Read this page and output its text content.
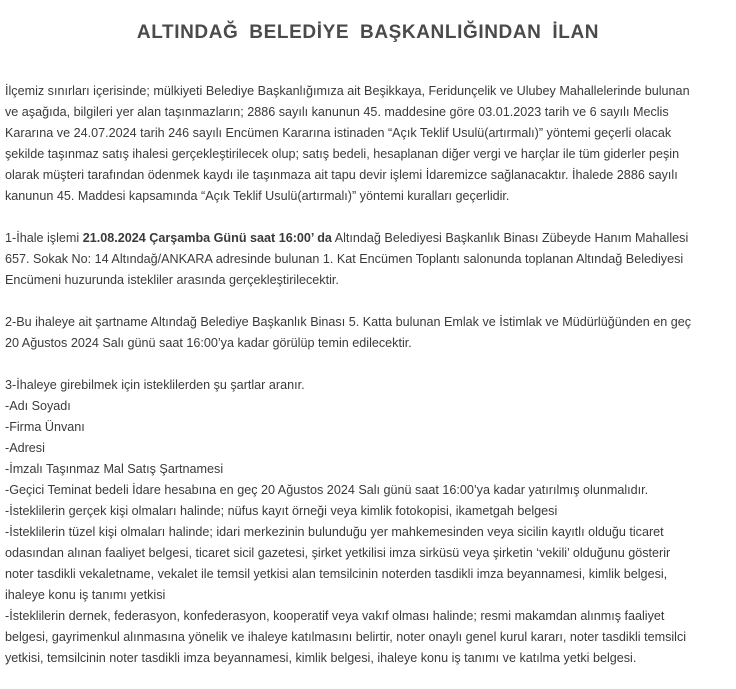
ALTINDAĞ BELEDİYE BAŞKANLIĞINDAN İLAN

İlçemiz sınırları içerisinde; mülkiyeti Belediye Başkanlığımıza ait Beşikkaya, Feridunçelik ve Ulubey Mahallelerinde bulunan
ve aşağıda, bilgileri yer alan taşınmazların; 2886 sayılı kanunun 45. maddesine göre 03.01.2023 tarih ve 6 sayılı Meclis
Kararına ve 24.07.2024 tarih 246 sayılı Encümen Kararına istinaden “Açık Teklif Usulü(artırmalı)” yöntemi geçerli olacak
şekilde taşınmaz satış ihalesi gerçekleştirilecek olup; satış bedeli, hesaplanan diğer vergi ve harçlar ile tüm giderler peşin
olarak müşteri tarafından ödenmek kaydı ile taşınmaza ait tapu devir işlemi İdaremizce sağlanacaktır. İhalede 2886 sayılı
kanunun 45. Maddesi kapsamında “Açık Teklif Usulü(artırmalı)” yöntemi kuralları geçerlidir.

1-İhale işlemi 21.08.2024 Çarşamba Günü saat 16:00’ da Altındağ Belediyesi Başkanlık Binası Zübeyde Hanım Mahallesi
657. Sokak No: 14 Altındağ/ANKARA adresinde bulunan 1. Kat Encümen Toplantı salonunda toplanan Altındağ Belediyesi
Encümeni huzurunda istekliler arasında gerçekleştirilecektir.

2-Bu ihaleye ait şartname Altındağ Belediye Başkanlık Binası 5. Katta bulunan Emlak ve İstimlak ve Müdürlüğünden en geç
20 Ağustos 2024 Salı günü saat 16:00’ya kadar görülüp temin edilecektir.

3-İhaleye girebilmek için isteklilerden şu şartlar aranır.
-Adı Soyadı
-Firma Ünvanı
-Adresi
-İmzalı Taşınmaz Mal Satış Şartnamesi
-Geçici Teminat bedeli İdare hesabına en geç 20 Ağustos 2024 Salı günü saat 16:00’ya kadar yatırılmış olunmalıdır.
-İsteklilerin gerçek kişi olmaları halinde; nüfus kayıt örneği veya kimlik fotokopisi, ikametgah belgesi
-İsteklilerin tüzel kişi olmaları halinde; idari merkezinin bulunduğu yer mahkemesinden veya sicilin kayıtlı olduğu ticaret
odasından alınan faaliyet belgesi, ticaret sicil gazetesi, şirket yetkilisi imza sirküsü veya şirketin ‘vekili’ olduğunu gösterir
noter tasdikli vekaletname, vekalet ile temsil yetkisi alan temsilcinin noterden tasdikli imza beyannamesi, kimlik belgesi,
ihaleye konu iş tanımı yetkisi
-İsteklilerin dernek, federasyon, konfederasyon, kooperatif veya vakıf olması halinde; resmi makamdan alınmış faaliyet
belgesi, gayrimenkul alınmasına yönelik ve ihaleye katılmasını belirtir, noter onaylı genel kurul kararı, noter tasdikli temsilci
yetkisi, temsilcinin noter tasdikli imza beyannamesi, kimlik belgesi, ihaleye konu iş tanımı ve katılma yetki belgesi.
